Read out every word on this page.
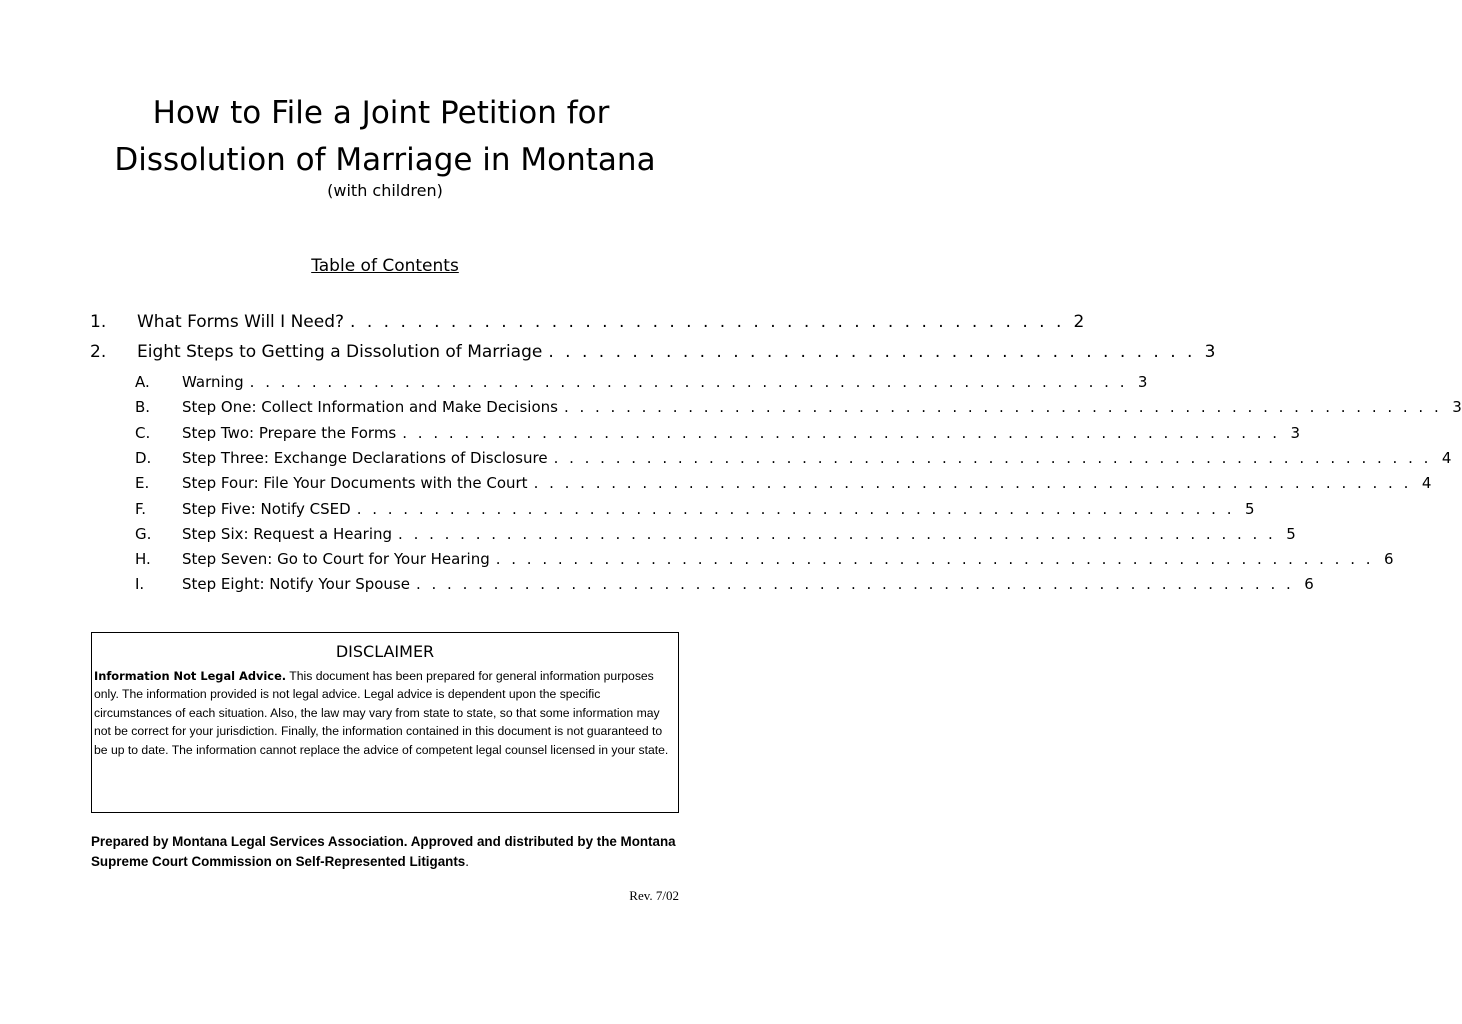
How to File a Joint Petition for
Dissolution of Marriage in Montana
(with children)
Table of Contents
1.	What Forms Will I Need? . . . . . . . . . . . . . . . . . . . . . . . . . . . . . . . . . . . . . . . . . . . 2
2.	Eight Steps to Getting a Dissolution of Marriage . . . . . . . . . . . . . . . . . . . . . . . . . . . . . . . . . . . . . . . 3
A.	Warning . . . . . . . . . . . . . . . . . . . . . . . . . . . . . . . . . . . . . . . . . . . . . . . . . . . . . . . . . 3
B.	Step One: Collect Information and Make Decisions . . . . . . . . . . . . . . . . . . . . . . . . . . . . . . . . . . . . . . . . . . . . . . . . . . . . . . . . . 3
C.	Step Two: Prepare the Forms . . . . . . . . . . . . . . . . . . . . . . . . . . . . . . . . . . . . . . . . . . . . . . . . . . . . . . . . . 3
D.	Step Three: Exchange Declarations of Disclosure . . . . . . . . . . . . . . . . . . . . . . . . . . . . . . . . . . . . . . . . . . . . . . . . . . . . . . . . . 4
E.	Step Four: File Your Documents with the Court . . . . . . . . . . . . . . . . . . . . . . . . . . . . . . . . . . . . . . . . . . . . . . . . . . . . . . . . . 4
F.	Step Five: Notify CSED . . . . . . . . . . . . . . . . . . . . . . . . . . . . . . . . . . . . . . . . . . . . . . . . . . . . . . . . . 5
G.	Step Six: Request a Hearing . . . . . . . . . . . . . . . . . . . . . . . . . . . . . . . . . . . . . . . . . . . . . . . . . . . . . . . . . 5
H.	Step Seven: Go to Court for Your Hearing . . . . . . . . . . . . . . . . . . . . . . . . . . . . . . . . . . . . . . . . . . . . . . . . . . . . . . . . . 6
I.	Step Eight: Notify Your Spouse . . . . . . . . . . . . . . . . . . . . . . . . . . . . . . . . . . . . . . . . . . . . . . . . . . . . . . . . . 6
DISCLAIMER
Information Not Legal Advice. This document has been prepared for general information purposes only. The information provided is not legal advice. Legal advice is dependent upon the specific circumstances of each situation. Also, the law may vary from state to state, so that some information may not be correct for your jurisdiction. Finally, the information contained in this document is not guaranteed to be up to date. The information cannot replace the advice of competent legal counsel licensed in your state.
Prepared by Montana Legal Services Association. Approved and distributed by the Montana Supreme Court Commission on Self-Represented Litigants.
Rev. 7/02
